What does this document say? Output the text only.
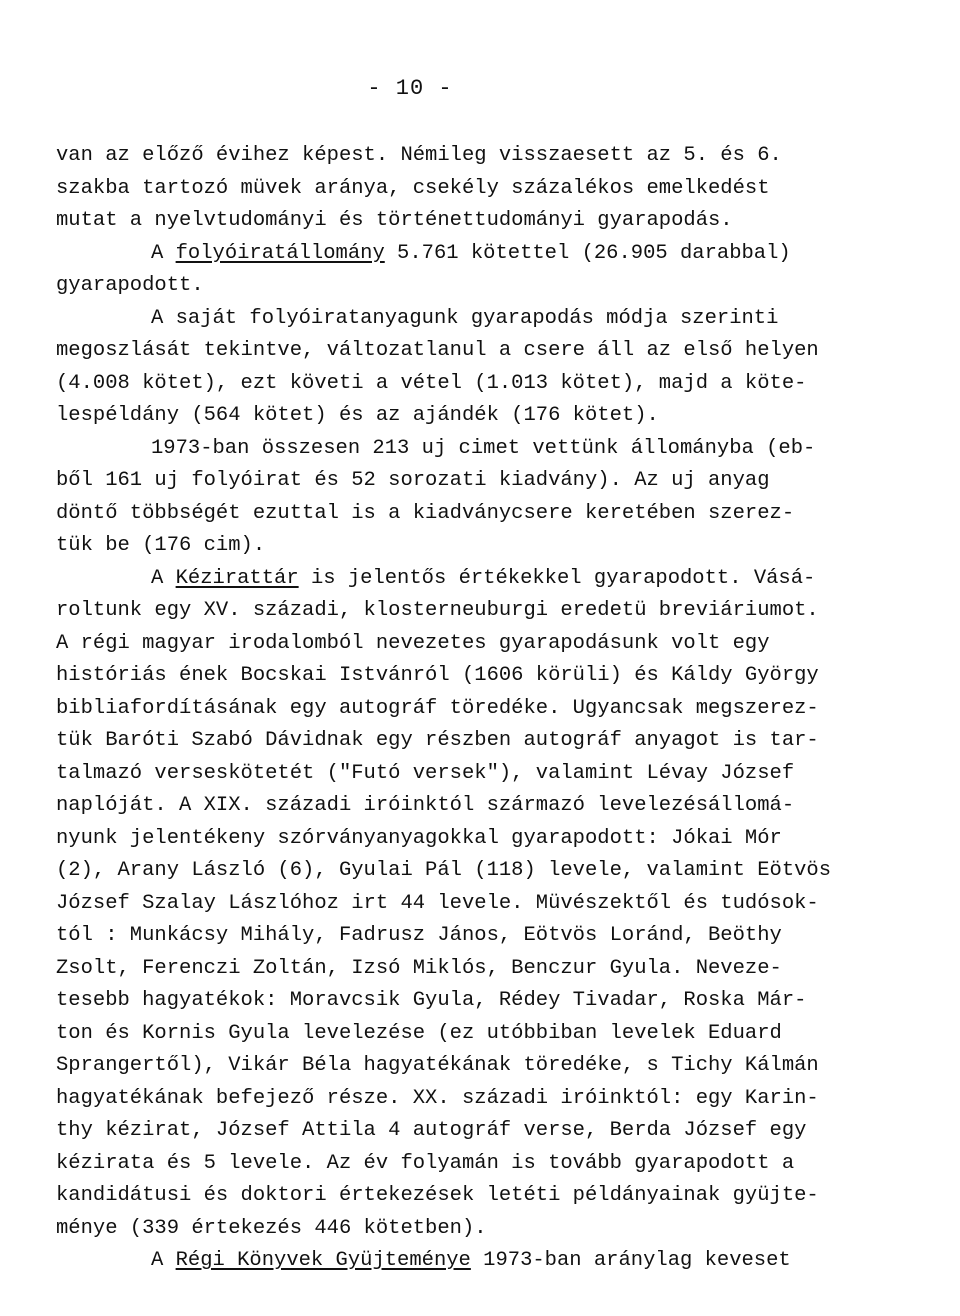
- 10 -
van az előző évihez képest. Némileg visszaesett az 5. és 6.
szakba tartozó müvek aránya, csekély százalékos emelkedést
mutat a nyelvtudományi és történettudományi gyarapodás.
A folyóiratállomány 5.761 kötettel (26.905 darabbal)
gyarapodott.
A saját folyóiratanyagunk gyarapodás módja szerinti
megoszlását tekintve, változatlanul a csere áll az első helyen
(4.008 kötet), ezt követi a vétel (1.013 kötet), majd a köte-
lespéldány (564 kötet) és az ajándék (176 kötet).
1973-ban összesen 213 uj cimet vettünk állományba (eb-
ből 161 uj folyóirat és 52 sorozati kiadvány). Az uj anyag
döntő többségét ezuttal is a kiadványcsere keretében szerez-
tük be (176 cim).
A Kézirattár is jelentős értékekkel gyarapodott. Vásá-
roltunk egy XV. századi, klosterneuburgi eredetü breviáriumot.
A régi magyar irodalomból nevezetes gyarapodásunk volt egy
históriás ének Bocskai Istvánról (1606 körüli) és Káldy György
bibliafordításának egy autográf töredéke. Ugyancsak megszerez-
tük Baróti Szabó Dávidnak egy részben autográf anyagot is tar-
talmazó verseskötetét ("Futó versek"), valamint Lévay József
naplóját. A XIX. századi iróinktól származó levelezésállomá-
nyunk jelentékeny szórványanyagokkal gyarapodott: Jókai Mór
(2), Arany László (6), Gyulai Pál (118) levele, valamint Eötvös
József Szalay Lászlóhoz irt 44 levele. Müvészektől és tudósok-
tól : Munkácsy Mihály, Fadrusz János, Eötvös Loránd, Beöthy
Zsolt, Ferenczi Zoltán, Izsó Miklós, Benczur Gyula. Neveze-
tesebb hagyatékok: Moravcsik Gyula, Rédey Tivadar, Roska Már-
ton és Kornis Gyula levelezése (ez utóbbiban levelek Eduard
Sprangertől), Vikár Béla hagyatékának töredéke, s Tichy Kálmán
hagyatékának befejező része. XX. századi iróinktól: egy Karin-
thy kézirat, József Attila 4 autográf verse, Berda József egy
kézirata és 5 levele. Az év folyamán is tovább gyarapodott a
kandidátusi és doktori értekezések letéti példányainak gyüjte-
ménye (339 értekezés 446 kötetben).
A Régi Könyvek Gyüjteménye 1973-ban aránylag keveset
